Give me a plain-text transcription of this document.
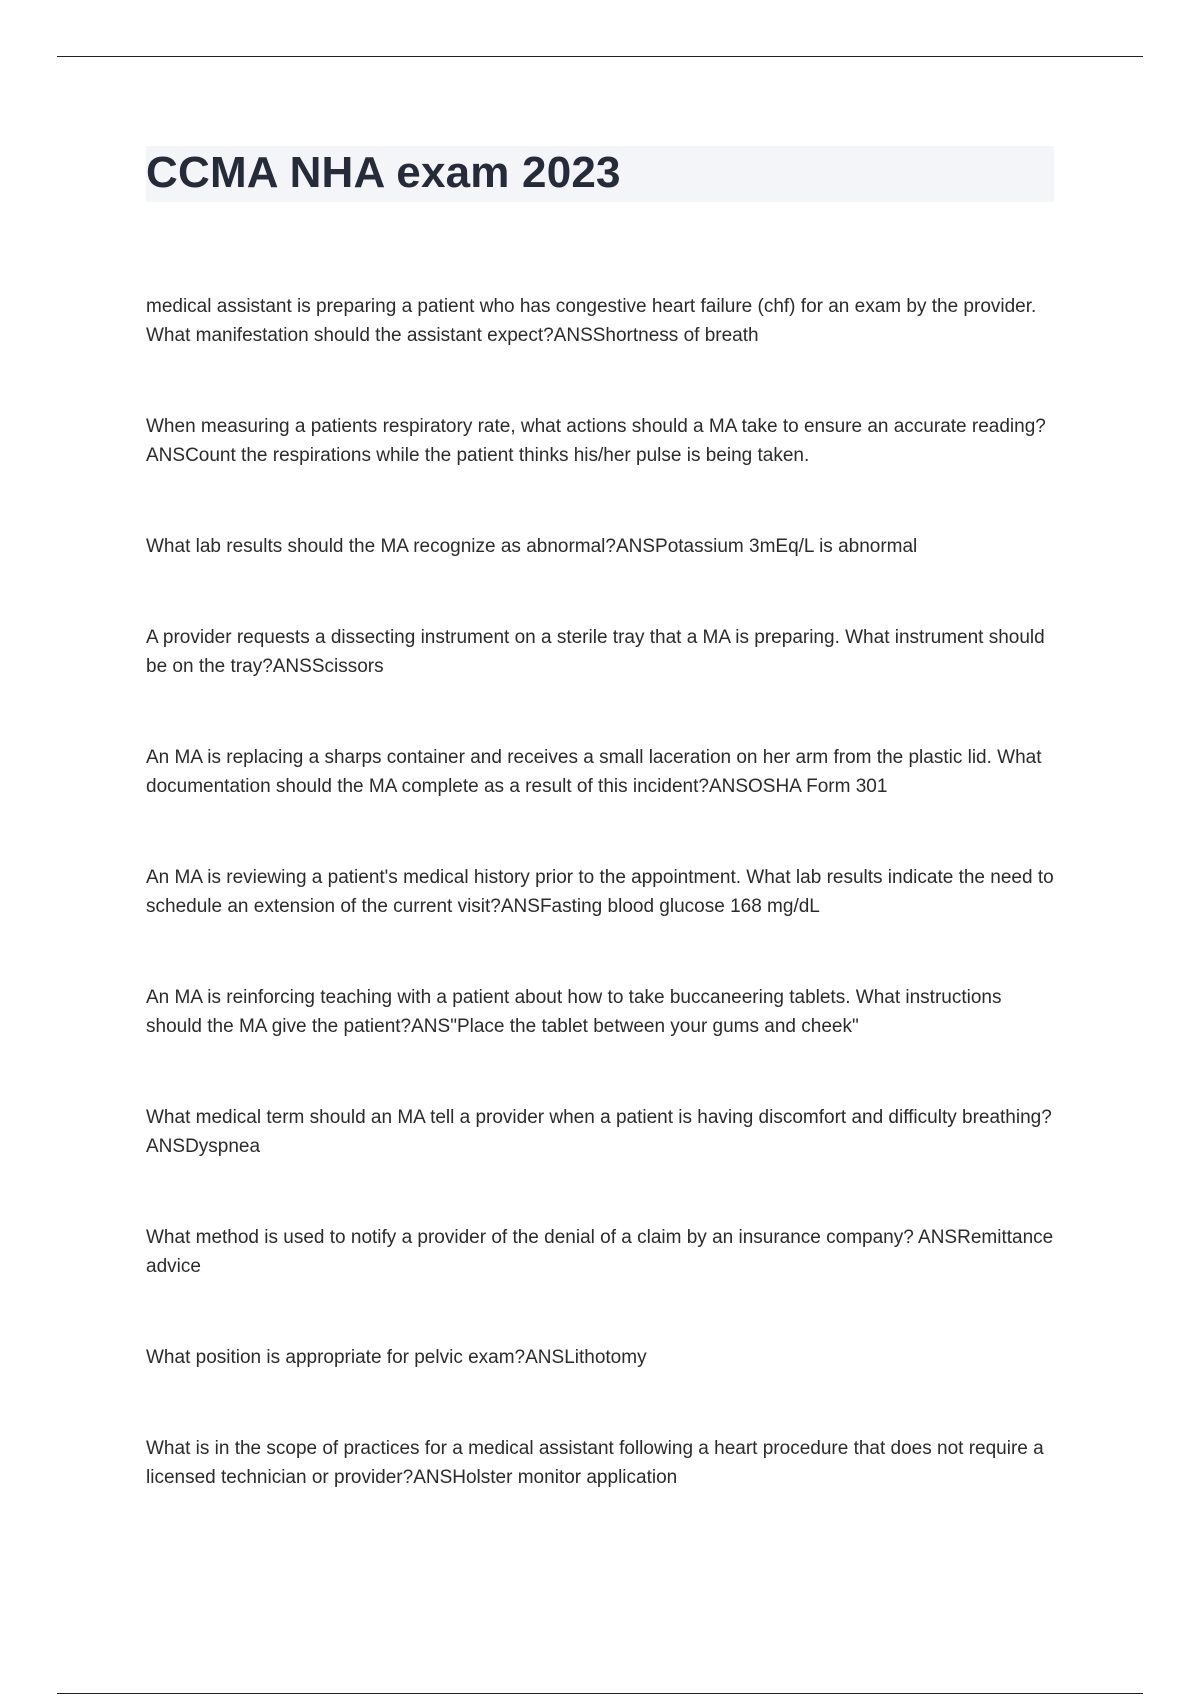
CCMA NHA exam 2023
medical assistant is preparing a patient who has congestive heart failure (chf) for an exam by the provider. What manifestation should the assistant expect?ANSShortness of breath
When measuring a patients respiratory rate, what actions should a MA take to ensure an accurate reading?ANSCount the respirations while the patient thinks his/her pulse is being taken.
What lab results should the MA recognize as abnormal?ANSPotassium 3mEq/L is abnormal
A provider requests a dissecting instrument on a sterile tray that a MA is preparing. What instrument should be on the tray?ANSScissors
An MA is replacing a sharps container and receives a small laceration on her arm from the plastic lid. What documentation should the MA complete as a result of this incident?ANSOSHA Form 301
An MA is reviewing a patient's medical history prior to the appointment. What lab results indicate the need to schedule an extension of the current visit?ANSFasting blood glucose 168 mg/dL
An MA is reinforcing teaching with a patient about how to take buccaneering tablets. What instructions should the MA give the patient?ANS"Place the tablet between your gums and cheek"
What medical term should an MA tell a provider when a patient is having discomfort and difficulty breathing?ANSDyspnea
What method is used to notify a provider of the denial of a claim by an insurance company? ANSRemittance advice
What position is appropriate for pelvic exam?ANSLithotomy
What is in the scope of practices for a medical assistant following a heart procedure that does not require a licensed technician or provider?ANSHolster monitor application
